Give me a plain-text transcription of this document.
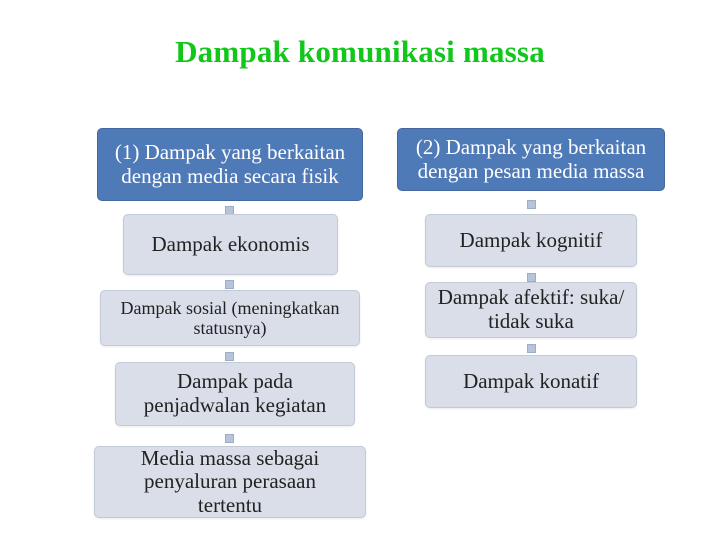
Dampak komunikasi massa
(1) Dampak yang berkaitan dengan media secara fisik
Dampak ekonomis
Dampak sosial (meningkatkan statusnya)
Dampak pada penjadwalan kegiatan
Media massa sebagai penyaluran perasaan tertentu
(2) Dampak yang berkaitan dengan pesan media massa
Dampak kognitif
Dampak afektif: suka/ tidak suka
Dampak konatif
